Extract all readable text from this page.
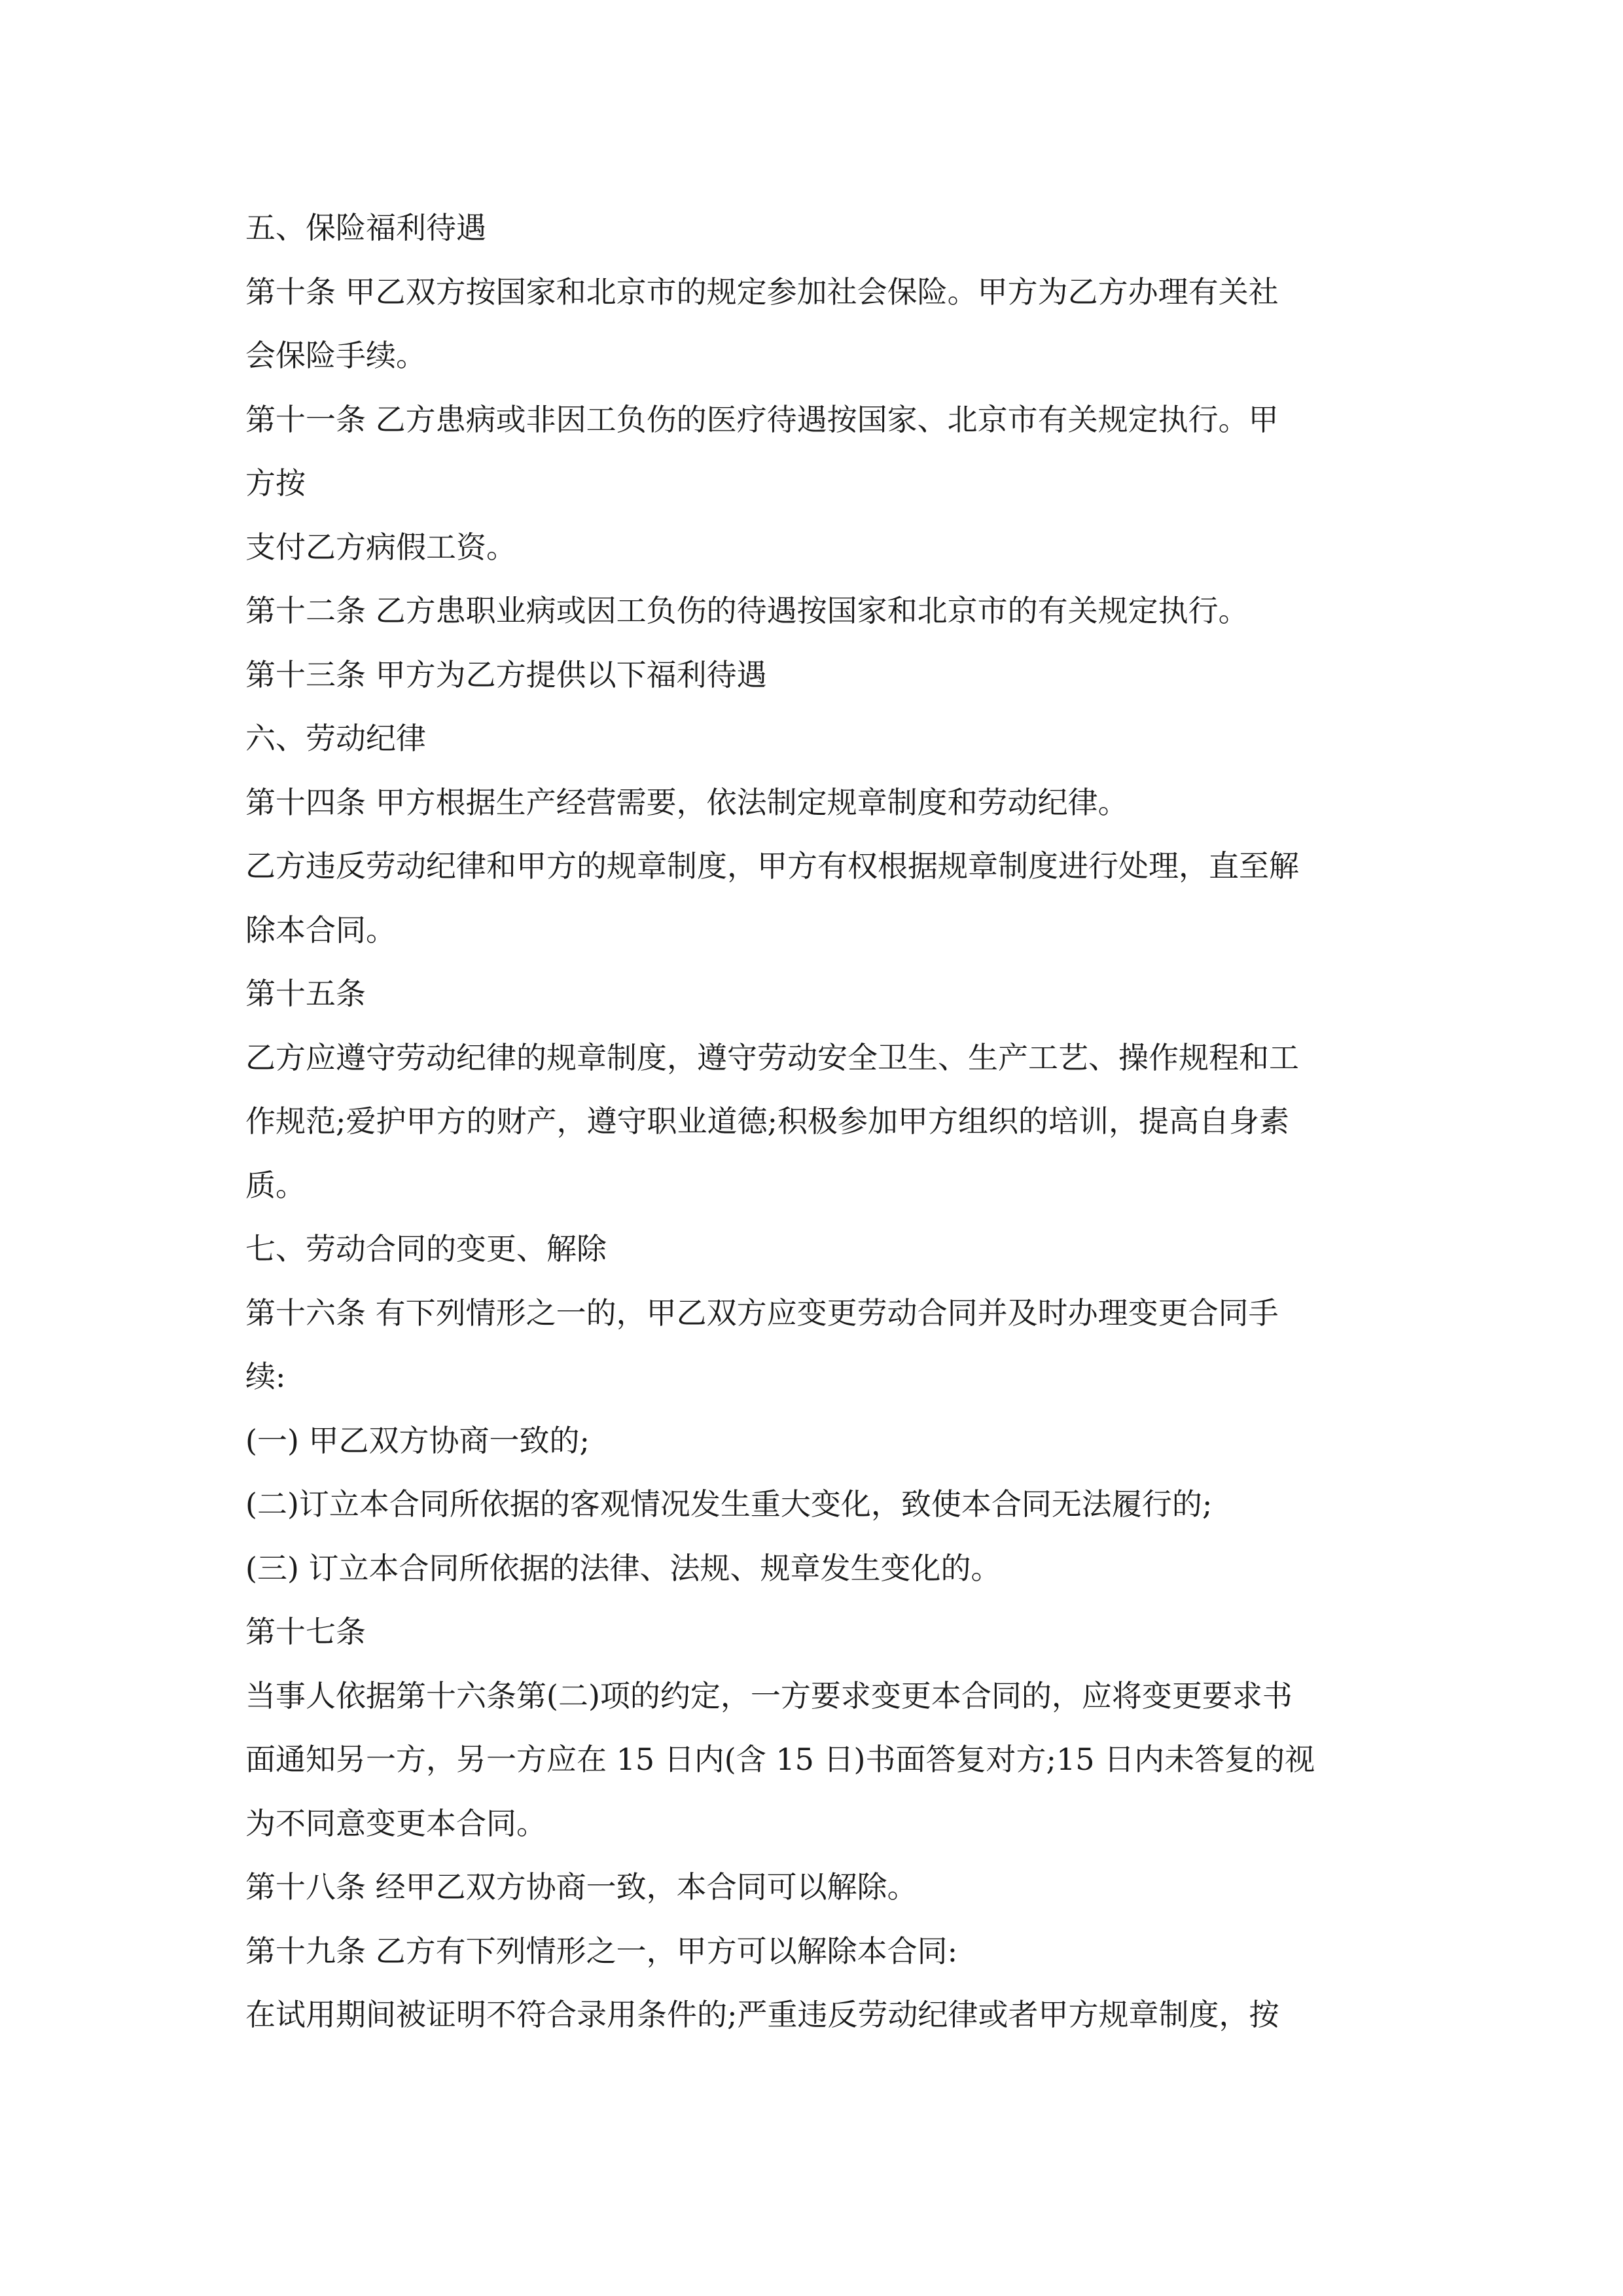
五、保险福利待遇
第十条 甲乙双方按国家和北京市的规定参加社会保险。甲方为乙方办理有关社
会保险手续。
第十一条 乙方患病或非因工负伤的医疗待遇按国家、北京市有关规定执行。甲
方按
支付乙方病假工资。
第十二条 乙方患职业病或因工负伤的待遇按国家和北京市的有关规定执行。
第十三条 甲方为乙方提供以下福利待遇
六、劳动纪律
第十四条 甲方根据生产经营需要，依法制定规章制度和劳动纪律。
乙方违反劳动纪律和甲方的规章制度，甲方有权根据规章制度进行处理，直至解
除本合同。
第十五条
乙方应遵守劳动纪律的规章制度，遵守劳动安全卫生、生产工艺、操作规程和工
作规范;爱护甲方的财产，遵守职业道德;积极参加甲方组织的培训，提高自身素
质。
七、劳动合同的变更、解除
第十六条 有下列情形之一的，甲乙双方应变更劳动合同并及时办理变更合同手
续:
(一) 甲乙双方协商一致的;
(二)订立本合同所依据的客观情况发生重大变化，致使本合同无法履行的;
(三) 订立本合同所依据的法律、法规、规章发生变化的。
第十七条
当事人依据第十六条第(二)项的约定，一方要求变更本合同的，应将变更要求书
面通知另一方，另一方应在 15 日内(含 15 日)书面答复对方;15 日内未答复的视
为不同意变更本合同。
第十八条 经甲乙双方协商一致，本合同可以解除。
第十九条 乙方有下列情形之一，甲方可以解除本合同:
在试用期间被证明不符合录用条件的;严重违反劳动纪律或者甲方规章制度，按
